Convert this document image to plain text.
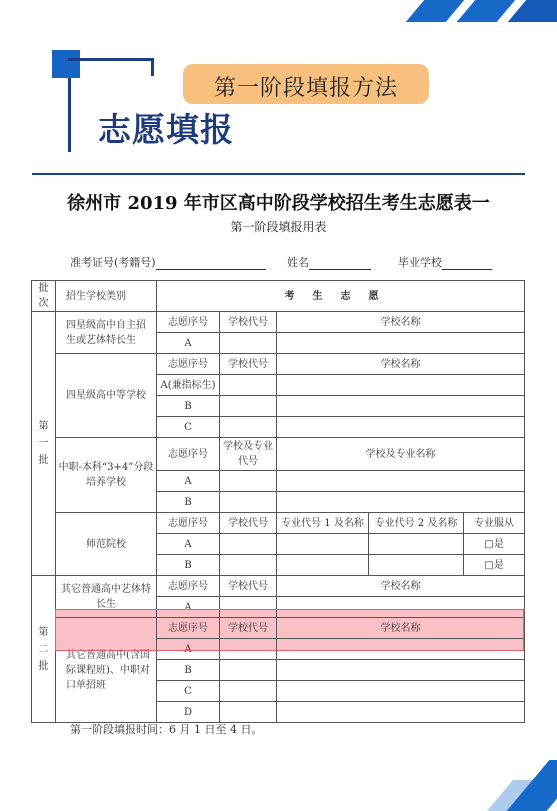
第一阶段填报方法
志愿填报
徐州市 2019 年市区高中阶段学校招生考生志愿表一
第一阶段填报用表
准考证号(考籍号)	姓名	毕业学校
批次	招生学校类别	考生志愿				
第一批	四星级高中自主招生或艺体特长生	志愿序号	学校代号	学校名称		
		A				
	四星级高中等学校	志愿序号	学校代号	学校名称		
		A(兼指标生)				
		B				
		C				
	中职-本科“3+4”分段培养学校	志愿序号	学校及专业代号	学校及专业名称		
		A				
		B				
	师范院校	志愿序号	学校代号	专业代号 1 及名称	专业代号 2 及名称	专业服从
		A				□是
		B				□是
第二批	其它普通高中艺体特长生	志愿序号	学校代号	学校名称		
		A				
	其它普通高中(含国际课程班)、中职对口单招班	志愿序号	学校代号	学校名称		
		A				
		B				
		C				
		D				
第一阶段填报时间：6 月 1 日至 4 日。
